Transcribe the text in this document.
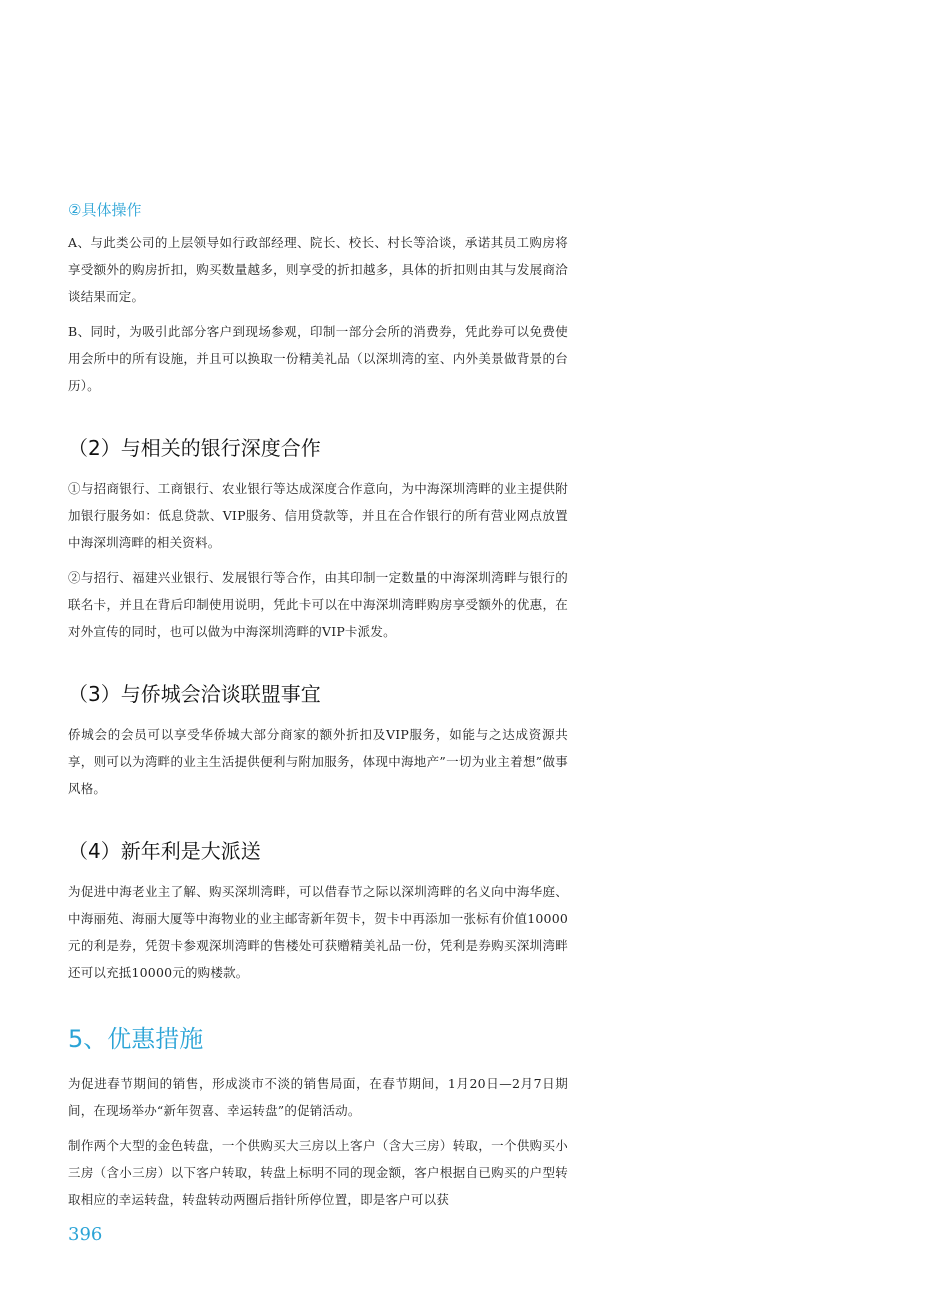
②具体操作

A、与此类公司的上层领导如行政部经理、院长、校长、村长等洽谈，承诺其员工购房将享受额外的购房折扣，购买数量越多，则享受的折扣越多，具体的折扣则由其与发展商洽谈结果而定。

B、同时，为吸引此部分客户到现场参观，印制一部分会所的消费券，凭此券可以免费使用会所中的所有设施，并且可以换取一份精美礼品（以深圳湾的室、内外美景做背景的台历）。

（2）与相关的银行深度合作

①与招商银行、工商银行、农业银行等达成深度合作意向，为中海深圳湾畔的业主提供附加银行服务如：低息贷款、VIP服务、信用贷款等，并且在合作银行的所有营业网点放置中海深圳湾畔的相关资料。

②与招行、福建兴业银行、发展银行等合作，由其印制一定数量的中海深圳湾畔与银行的联名卡，并且在背后印制使用说明，凭此卡可以在中海深圳湾畔购房享受额外的优惠，在对外宣传的同时，也可以做为中海深圳湾畔的VIP卡派发。

（3）与侨城会洽谈联盟事宜

侨城会的会员可以享受华侨城大部分商家的额外折扣及VIP服务，如能与之达成资源共享，则可以为湾畔的业主生活提供便利与附加服务，体现中海地产”一切为业主着想”做事风格。

（4）新年利是大派送

为促进中海老业主了解、购买深圳湾畔，可以借春节之际以深圳湾畔的名义向中海华庭、中海丽苑、海丽大厦等中海物业的业主邮寄新年贺卡，贺卡中再添加一张标有价值10000元的利是券，凭贺卡参观深圳湾畔的售楼处可获赠精美礼品一份，凭利是券购买深圳湾畔还可以充抵10000元的购楼款。

5、优惠措施

为促进春节期间的销售，形成淡市不淡的销售局面，在春节期间，1月20日—2月7日期间，在现场举办“新年贺喜、幸运转盘”的促销活动。

制作两个大型的金色转盘，一个供购买大三房以上客户（含大三房）转取，一个供购买小三房（含小三房）以下客户转取，转盘上标明不同的现金额，客户根据自已购买的户型转取相应的幸运转盘，转盘转动两圈后指针所停位置，即是客户可以获

396
